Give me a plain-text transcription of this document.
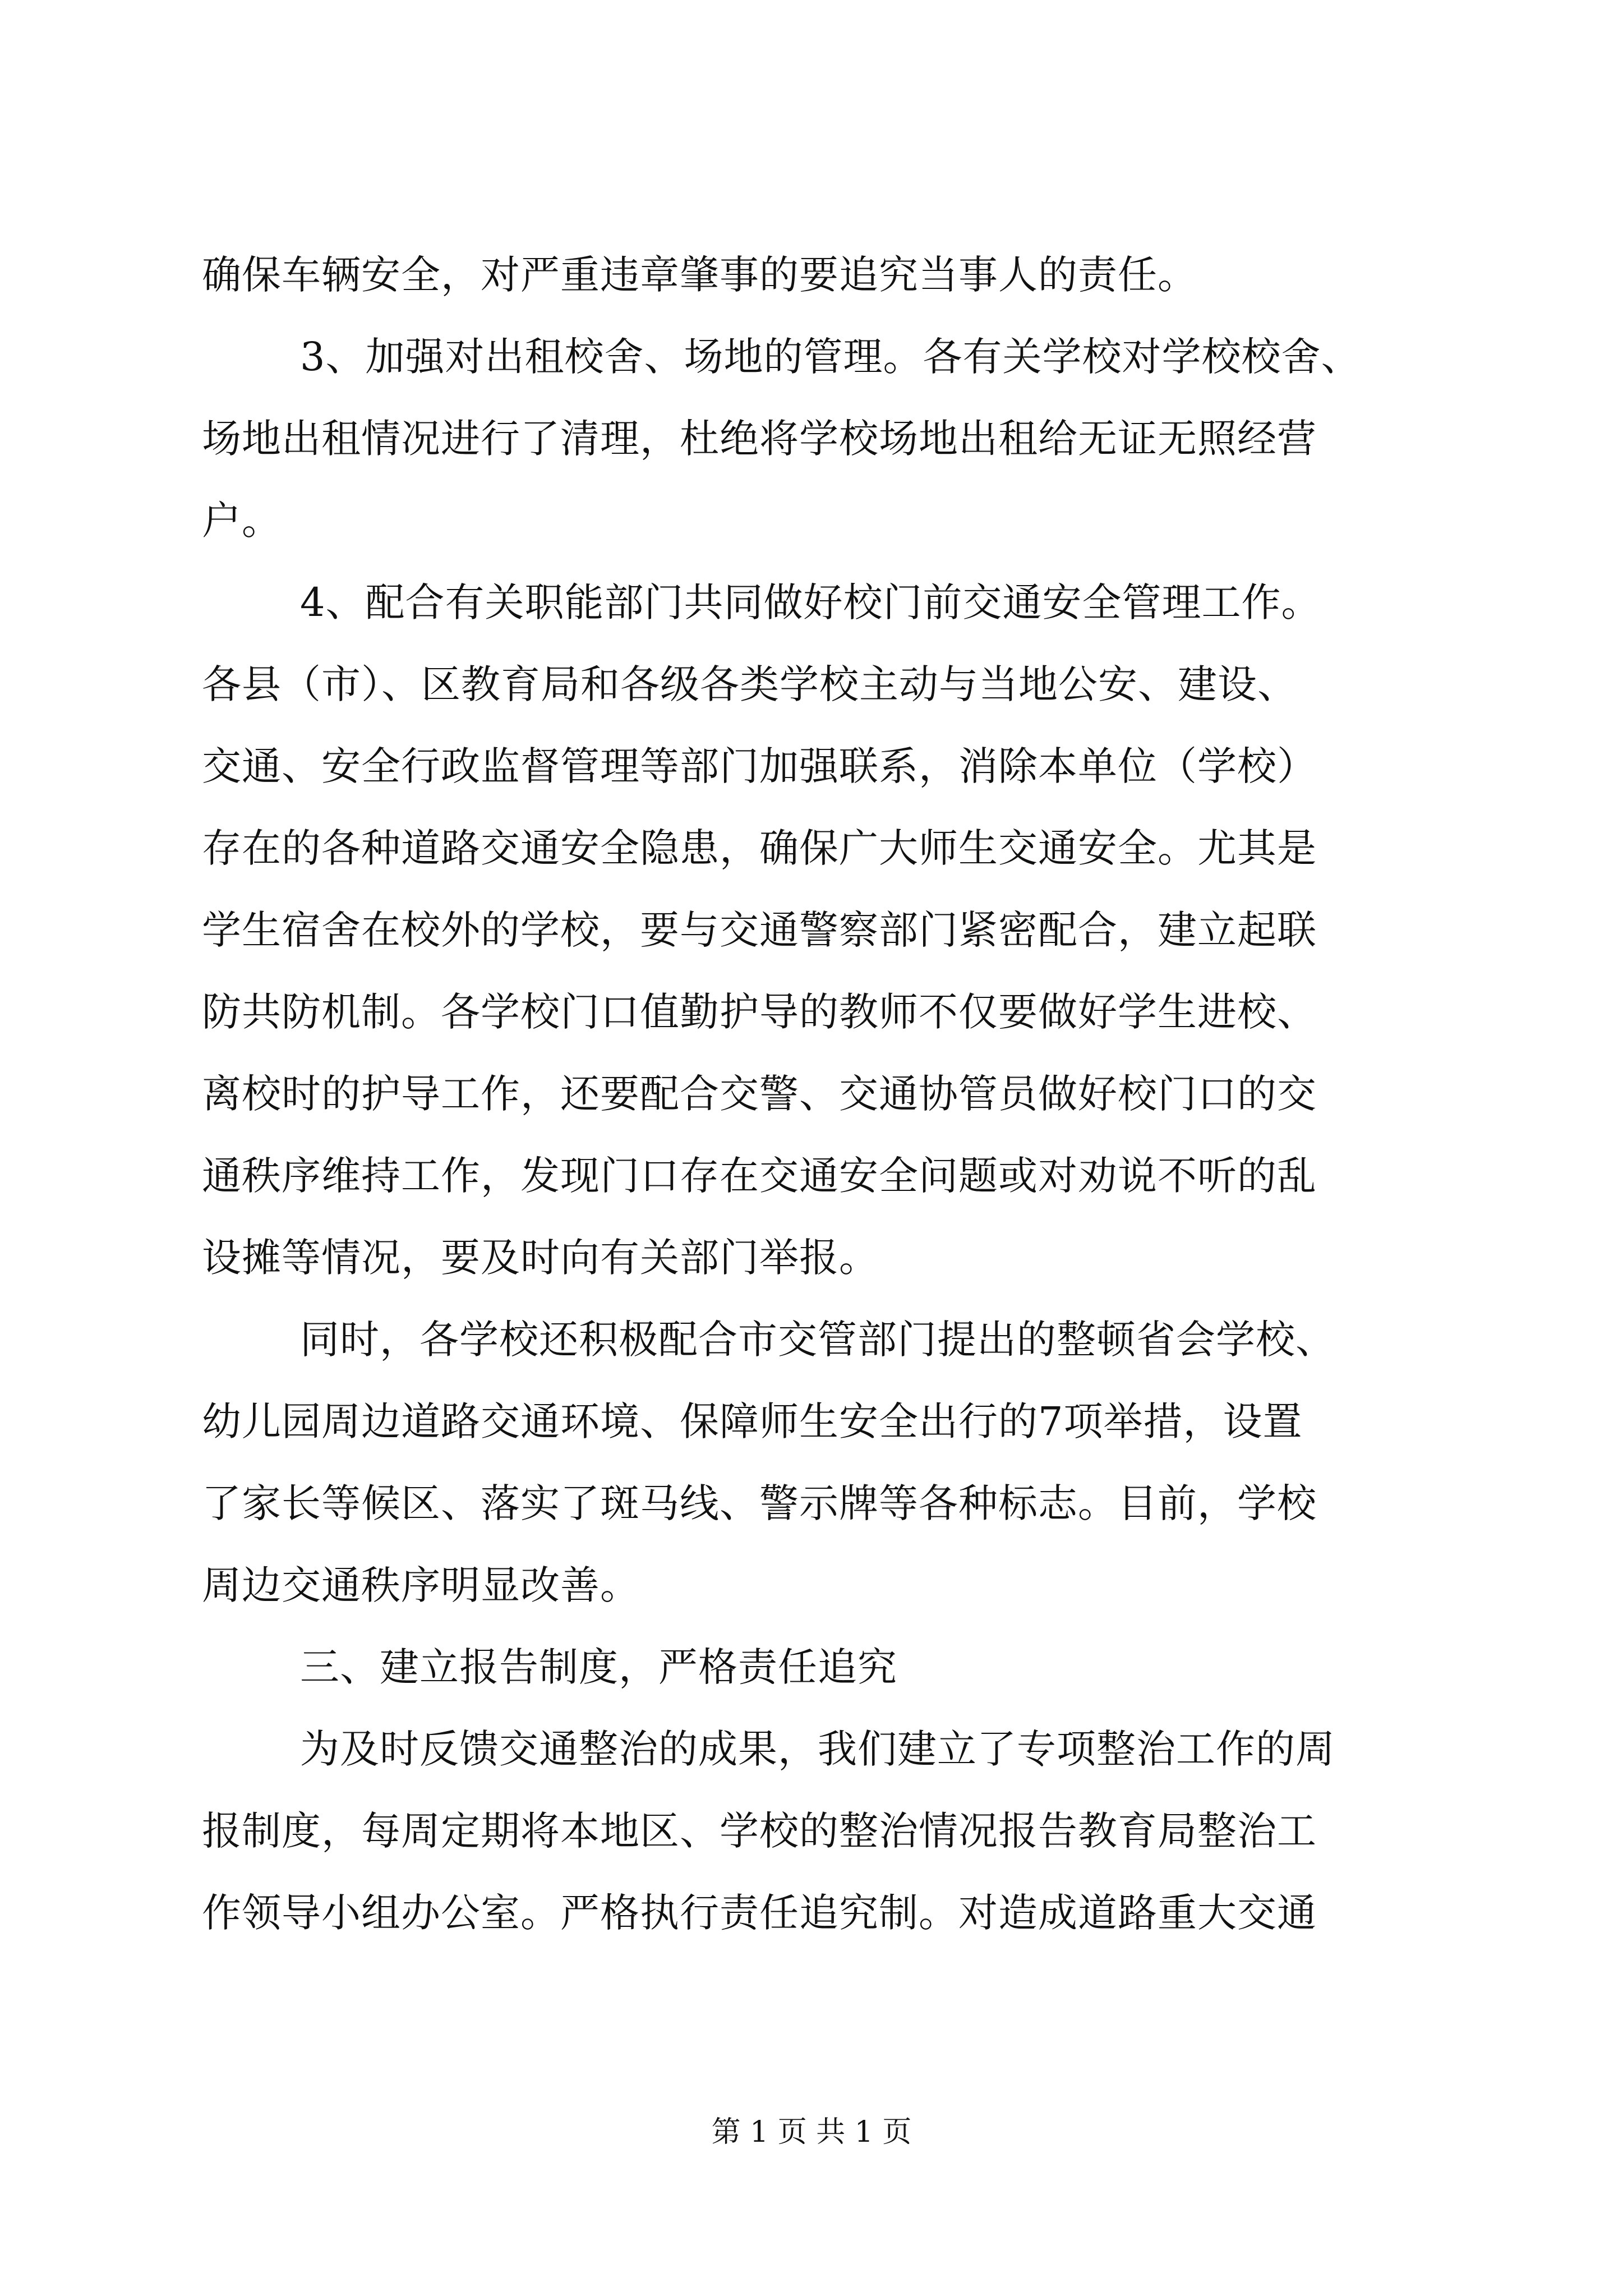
确保车辆安全，对严重违章肇事的要追究当事人的责任。
3、加强对出租校舍、场地的管理。各有关学校对学校校舍、
场地出租情况进行了清理，杜绝将学校场地出租给无证无照经营
户。
4、配合有关职能部门共同做好校门前交通安全管理工作。
各县（市）、区教育局和各级各类学校主动与当地公安、建设、
交通、安全行政监督管理等部门加强联系，消除本单位（学校）
存在的各种道路交通安全隐患，确保广大师生交通安全。尤其是
学生宿舍在校外的学校，要与交通警察部门紧密配合，建立起联
防共防机制。各学校门口值勤护导的教师不仅要做好学生进校、
离校时的护导工作，还要配合交警、交通协管员做好校门口的交
通秩序维持工作，发现门口存在交通安全问题或对劝说不听的乱
设摊等情况，要及时向有关部门举报。
同时，各学校还积极配合市交管部门提出的整顿省会学校、
幼儿园周边道路交通环境、保障师生安全出行的7项举措，设置
了家长等候区、落实了斑马线、警示牌等各种标志。目前，学校
周边交通秩序明显改善。
三、建立报告制度，严格责任追究
为及时反馈交通整治的成果，我们建立了专项整治工作的周
报制度，每周定期将本地区、学校的整治情况报告教育局整治工
作领导小组办公室。严格执行责任追究制。对造成道路重大交通
第 1 页 共 1 页
